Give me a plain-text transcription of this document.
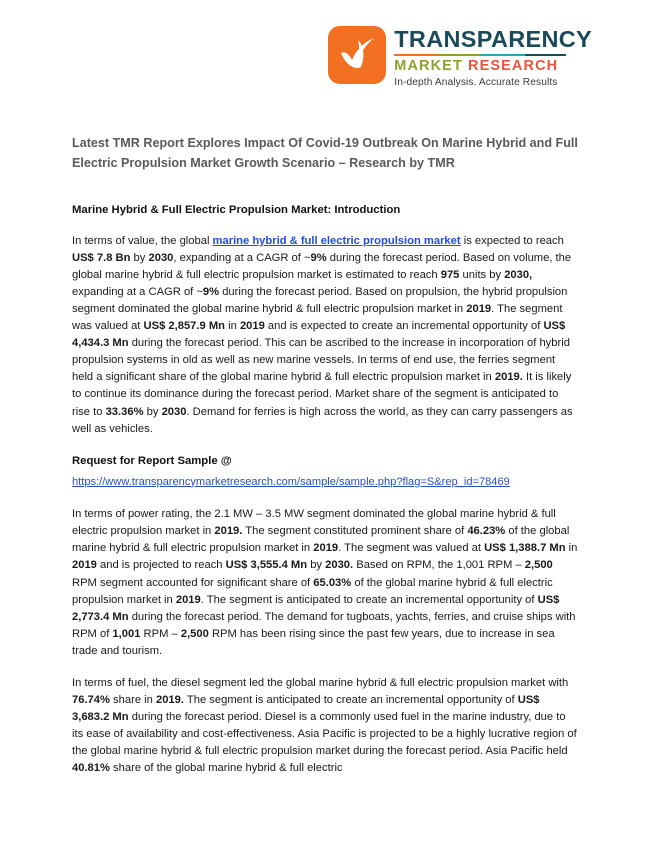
TRANSPARENCY
MARKET RESEARCH
In-depth Analysis. Accurate Results
Latest TMR Report Explores Impact Of Covid-19 Outbreak On Marine Hybrid and Full Electric Propulsion Market Growth Scenario – Research by TMR
Marine Hybrid & Full Electric Propulsion Market: Introduction

In terms of value, the global marine hybrid & full electric propulsion market is expected to reach US$ 7.8 Bn by 2030, expanding at a CAGR of ~9% during the forecast period. Based on volume, the global marine hybrid & full electric propulsion market is estimated to reach 975 units by 2030, expanding at a CAGR of ~9% during the forecast period. Based on propulsion, the hybrid propulsion segment dominated the global marine hybrid & full electric propulsion market in 2019. The segment was valued at US$ 2,857.9 Mn in 2019 and is expected to create an incremental opportunity of US$ 4,434.3 Mn during the forecast period. This can be ascribed to the increase in incorporation of hybrid propulsion systems in old as well as new marine vessels. In terms of end use, the ferries segment held a significant share of the global marine hybrid & full electric propulsion market in 2019. It is likely to continue its dominance during the forecast period. Market share of the segment is anticipated to rise to 33.36% by 2030. Demand for ferries is high across the world, as they can carry passengers as well as vehicles.

Request for Report Sample @
https://www.transparencymarketresearch.com/sample/sample.php?flag=S&rep_id=78469

In terms of power rating, the 2.1 MW – 3.5 MW segment dominated the global marine hybrid & full electric propulsion market in 2019. The segment constituted prominent share of 46.23% of the global marine hybrid & full electric propulsion market in 2019. The segment was valued at US$ 1,388.7 Mn in 2019 and is projected to reach US$ 3,555.4 Mn by 2030. Based on RPM, the 1,001 RPM – 2,500 RPM segment accounted for significant share of 65.03% of the global marine hybrid & full electric propulsion market in 2019. The segment is anticipated to create an incremental opportunity of US$ 2,773.4 Mn during the forecast period. The demand for tugboats, yachts, ferries, and cruise ships with RPM of 1,001 RPM – 2,500 RPM has been rising since the past few years, due to increase in sea trade and tourism.

In terms of fuel, the diesel segment led the global marine hybrid & full electric propulsion market with 76.74% share in 2019. The segment is anticipated to create an incremental opportunity of US$ 3,683.2 Mn during the forecast period. Diesel is a commonly used fuel in the marine industry, due to its ease of availability and cost-effectiveness. Asia Pacific is projected to be a highly lucrative region of the global marine hybrid & full electric propulsion market during the forecast period. Asia Pacific held 40.81% share of the global marine hybrid & full electric
